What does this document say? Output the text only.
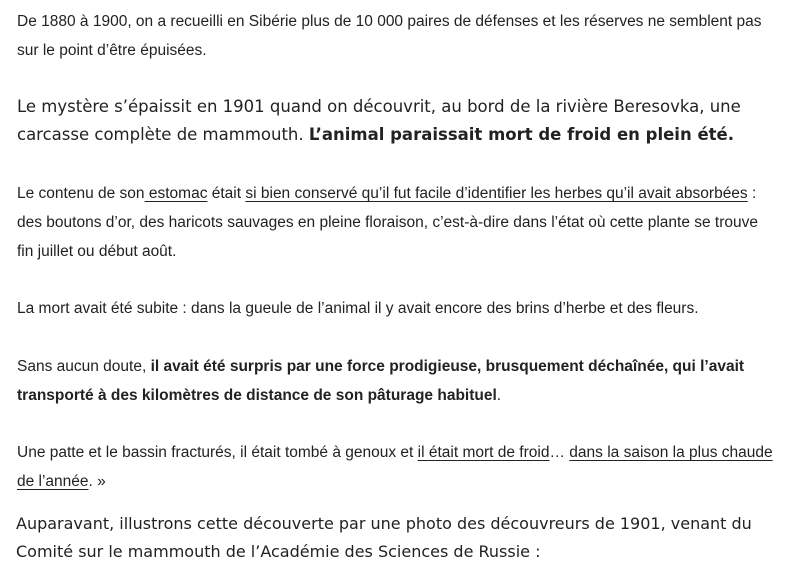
De 1880 à 1900, on a recueilli en Sibérie plus de 10 000 paires de défenses et les réserves ne semblent pas sur le point d’être épuisées.

Le mystère s’épaissit en 1901 quand on découvrit, au bord de la rivière Beresovka, une carcasse complète de mammouth. L’animal paraissait mort de froid en plein été.

Le contenu de son estomac était si bien conservé qu’il fut facile d’identifier les herbes qu’il avait absorbées : des boutons d’or, des haricots sauvages en pleine floraison, c’est-à-dire dans l’état où cette plante se trouve fin juillet ou début août.

La mort avait été subite : dans la gueule de l’animal il y avait encore des brins d’herbe et des fleurs.

Sans aucun doute, il avait été surpris par une force prodigieuse, brusquement déchaînée, qui l’avait transporté à des kilomètres de distance de son pâturage habituel.

Une patte et le bassin fracturés, il était tombé à genoux et il était mort de froid… dans la saison la plus chaude de l’année. »

Auparavant, illustrons cette découverte par une photo des découvreurs de 1901, venant du Comité sur le mammouth de l’Académie des Sciences de Russie :
